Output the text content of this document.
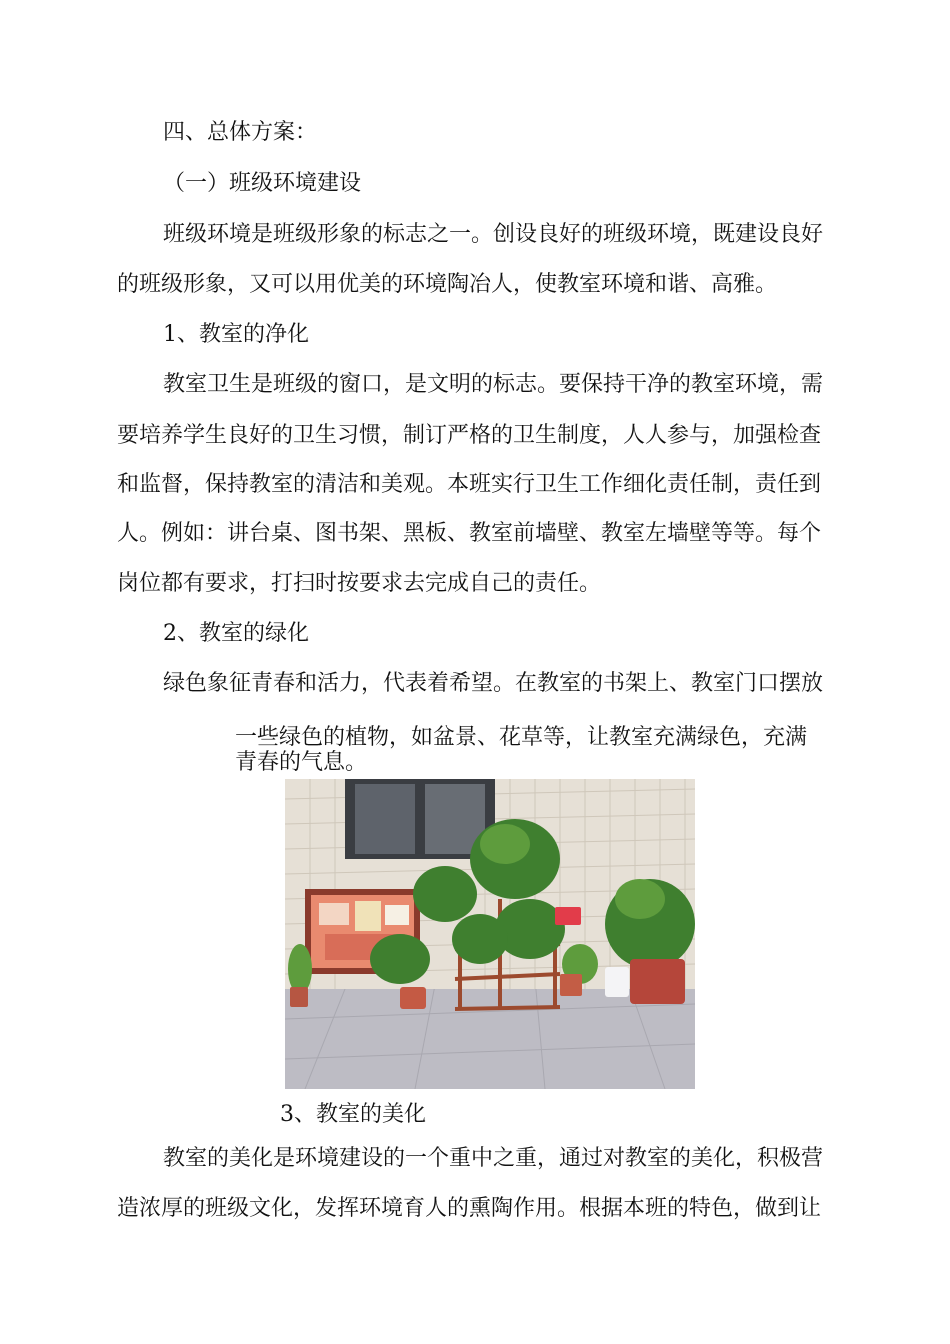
四、总体方案：
（一）班级环境建设
班级环境是班级形象的标志之一。创设良好的班级环境，既建设良好
的班级形象，又可以用优美的环境陶冶人，使教室环境和谐、高雅。
1、教室的净化
教室卫生是班级的窗口，是文明的标志。要保持干净的教室环境，需
要培养学生良好的卫生习惯，制订严格的卫生制度，人人参与，加强检查
和监督，保持教室的清洁和美观。本班实行卫生工作细化责任制，责任到
人。例如：讲台桌、图书架、黑板、教室前墙壁、教室左墙壁等等。每个
岗位都有要求，打扫时按要求去完成自己的责任。
2、教室的绿化
绿色象征青春和活力，代表着希望。在教室的书架上、教室门口摆放
一些绿色的植物，如盆景、花草等，让教室充满绿色，充满
青春的气息。
3、教室的美化
教室的美化是环境建设的一个重中之重，通过对教室的美化，积极营
造浓厚的班级文化，发挥环境育人的熏陶作用。根据本班的特色，做到让
